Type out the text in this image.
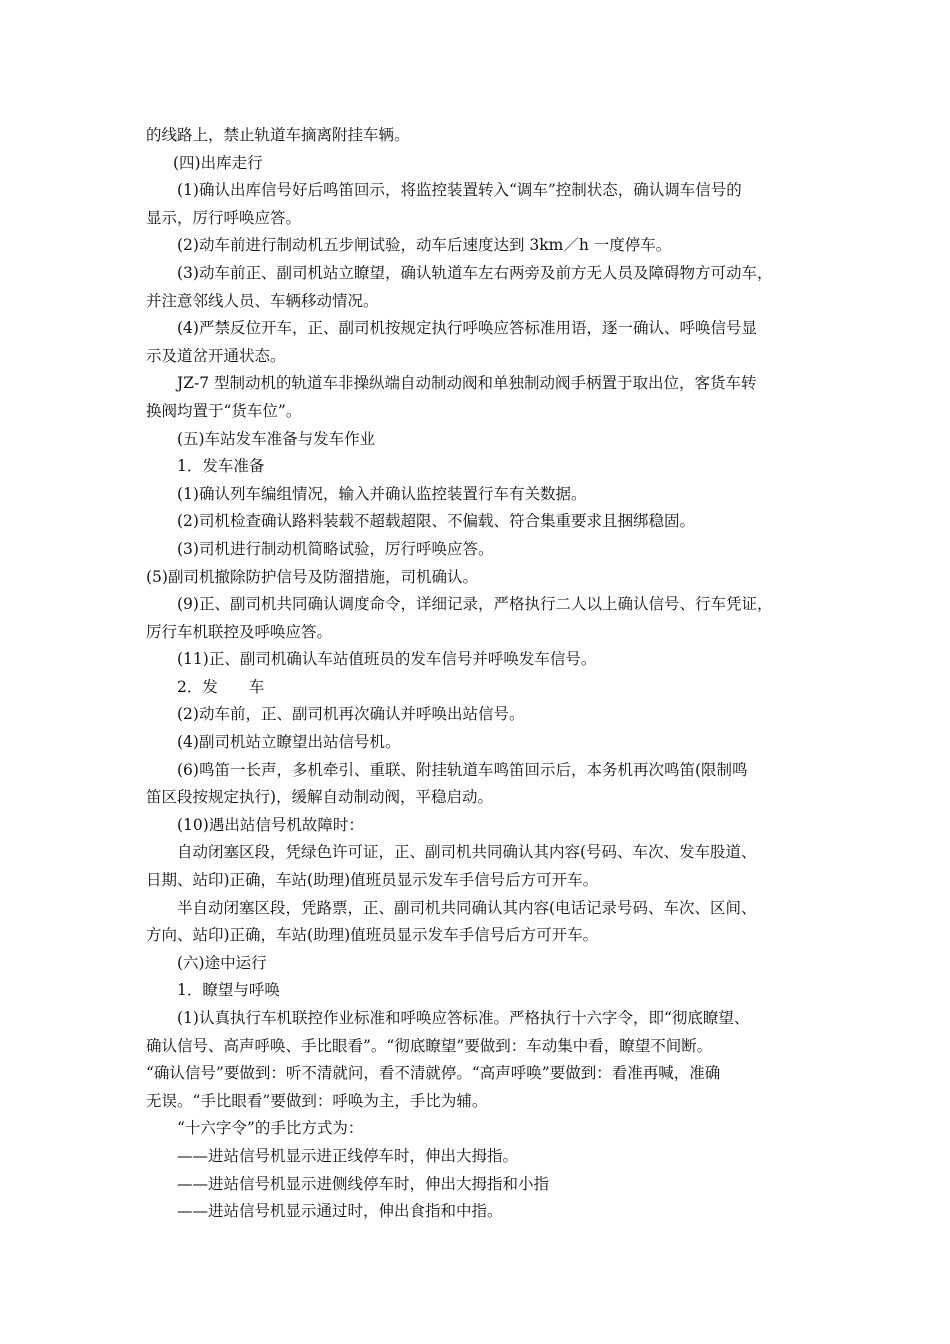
的线路上，禁止轨道车摘离附挂车辆。
(四)出库走行
(1)确认出库信号好后鸣笛回示，将监控装置转入“调车”控制状态，确认调车信号的
显示，厉行呼唤应答。
(2)动车前进行制动机五步闸试验，动车后速度达到 3km／h 一度停车。
(3)动车前正、副司机站立瞭望，确认轨道车左右两旁及前方无人员及障碍物方可动车，
并注意邻线人员、车辆移动情况。
(4)严禁反位开车，正、副司机按规定执行呼唤应答标准用语，逐一确认、呼唤信号显
示及道岔开通状态。
JZ-7 型制动机的轨道车非操纵端自动制动阀和单独制动阀手柄置于取出位，客货车转
换阀均置于“货车位”。
(五)车站发车准备与发车作业
1．发车准备
(1)确认列车编组情况，输入并确认监控装置行车有关数据。
(2)司机检查确认路料装载不超载超限、不偏载、符合集重要求且捆绑稳固。
(3)司机进行制动机简略试验，厉行呼唤应答。
(5)副司机撤除防护信号及防溜措施，司机确认。
(9)正、副司机共同确认调度命令，详细记录，严格执行二人以上确认信号、行车凭证，
厉行车机联控及呼唤应答。
(11)正、副司机确认车站值班员的发车信号并呼唤发车信号。
2．发　　车
(2)动车前，正、副司机再次确认并呼唤出站信号。
(4)副司机站立瞭望出站信号机。
(6)鸣笛一长声，多机牵引、重联、附挂轨道车鸣笛回示后，本务机再次鸣笛(限制鸣
笛区段按规定执行)，缓解自动制动阀，平稳启动。
(10)遇出站信号机故障时：
自动闭塞区段，凭绿色许可证，正、副司机共同确认其内容(号码、车次、发车股道、
日期、站印)正确，车站(助理)值班员显示发车手信号后方可开车。
半自动闭塞区段，凭路票，正、副司机共同确认其内容(电话记录号码、车次、区间、
方向、站印)正确，车站(助理)值班员显示发车手信号后方可开车。
(六)途中运行
1．瞭望与呼唤
(1)认真执行车机联控作业标准和呼唤应答标准。严格执行十六字令，即“彻底瞭望、
确认信号、高声呼唤、手比眼看”。“彻底瞭望”要做到：车动集中看，瞭望不间断。
“确认信号”要做到：听不清就问，看不清就停。“高声呼唤”要做到：看准再喊，准确
无误。“手比眼看”要做到：呼唤为主，手比为辅。
“十六字令”的手比方式为：
——进站信号机显示进正线停车时，伸出大拇指。
——进站信号机显示进侧线停车时，伸出大拇指和小指
——进站信号机显示通过时，伸出食指和中指。
